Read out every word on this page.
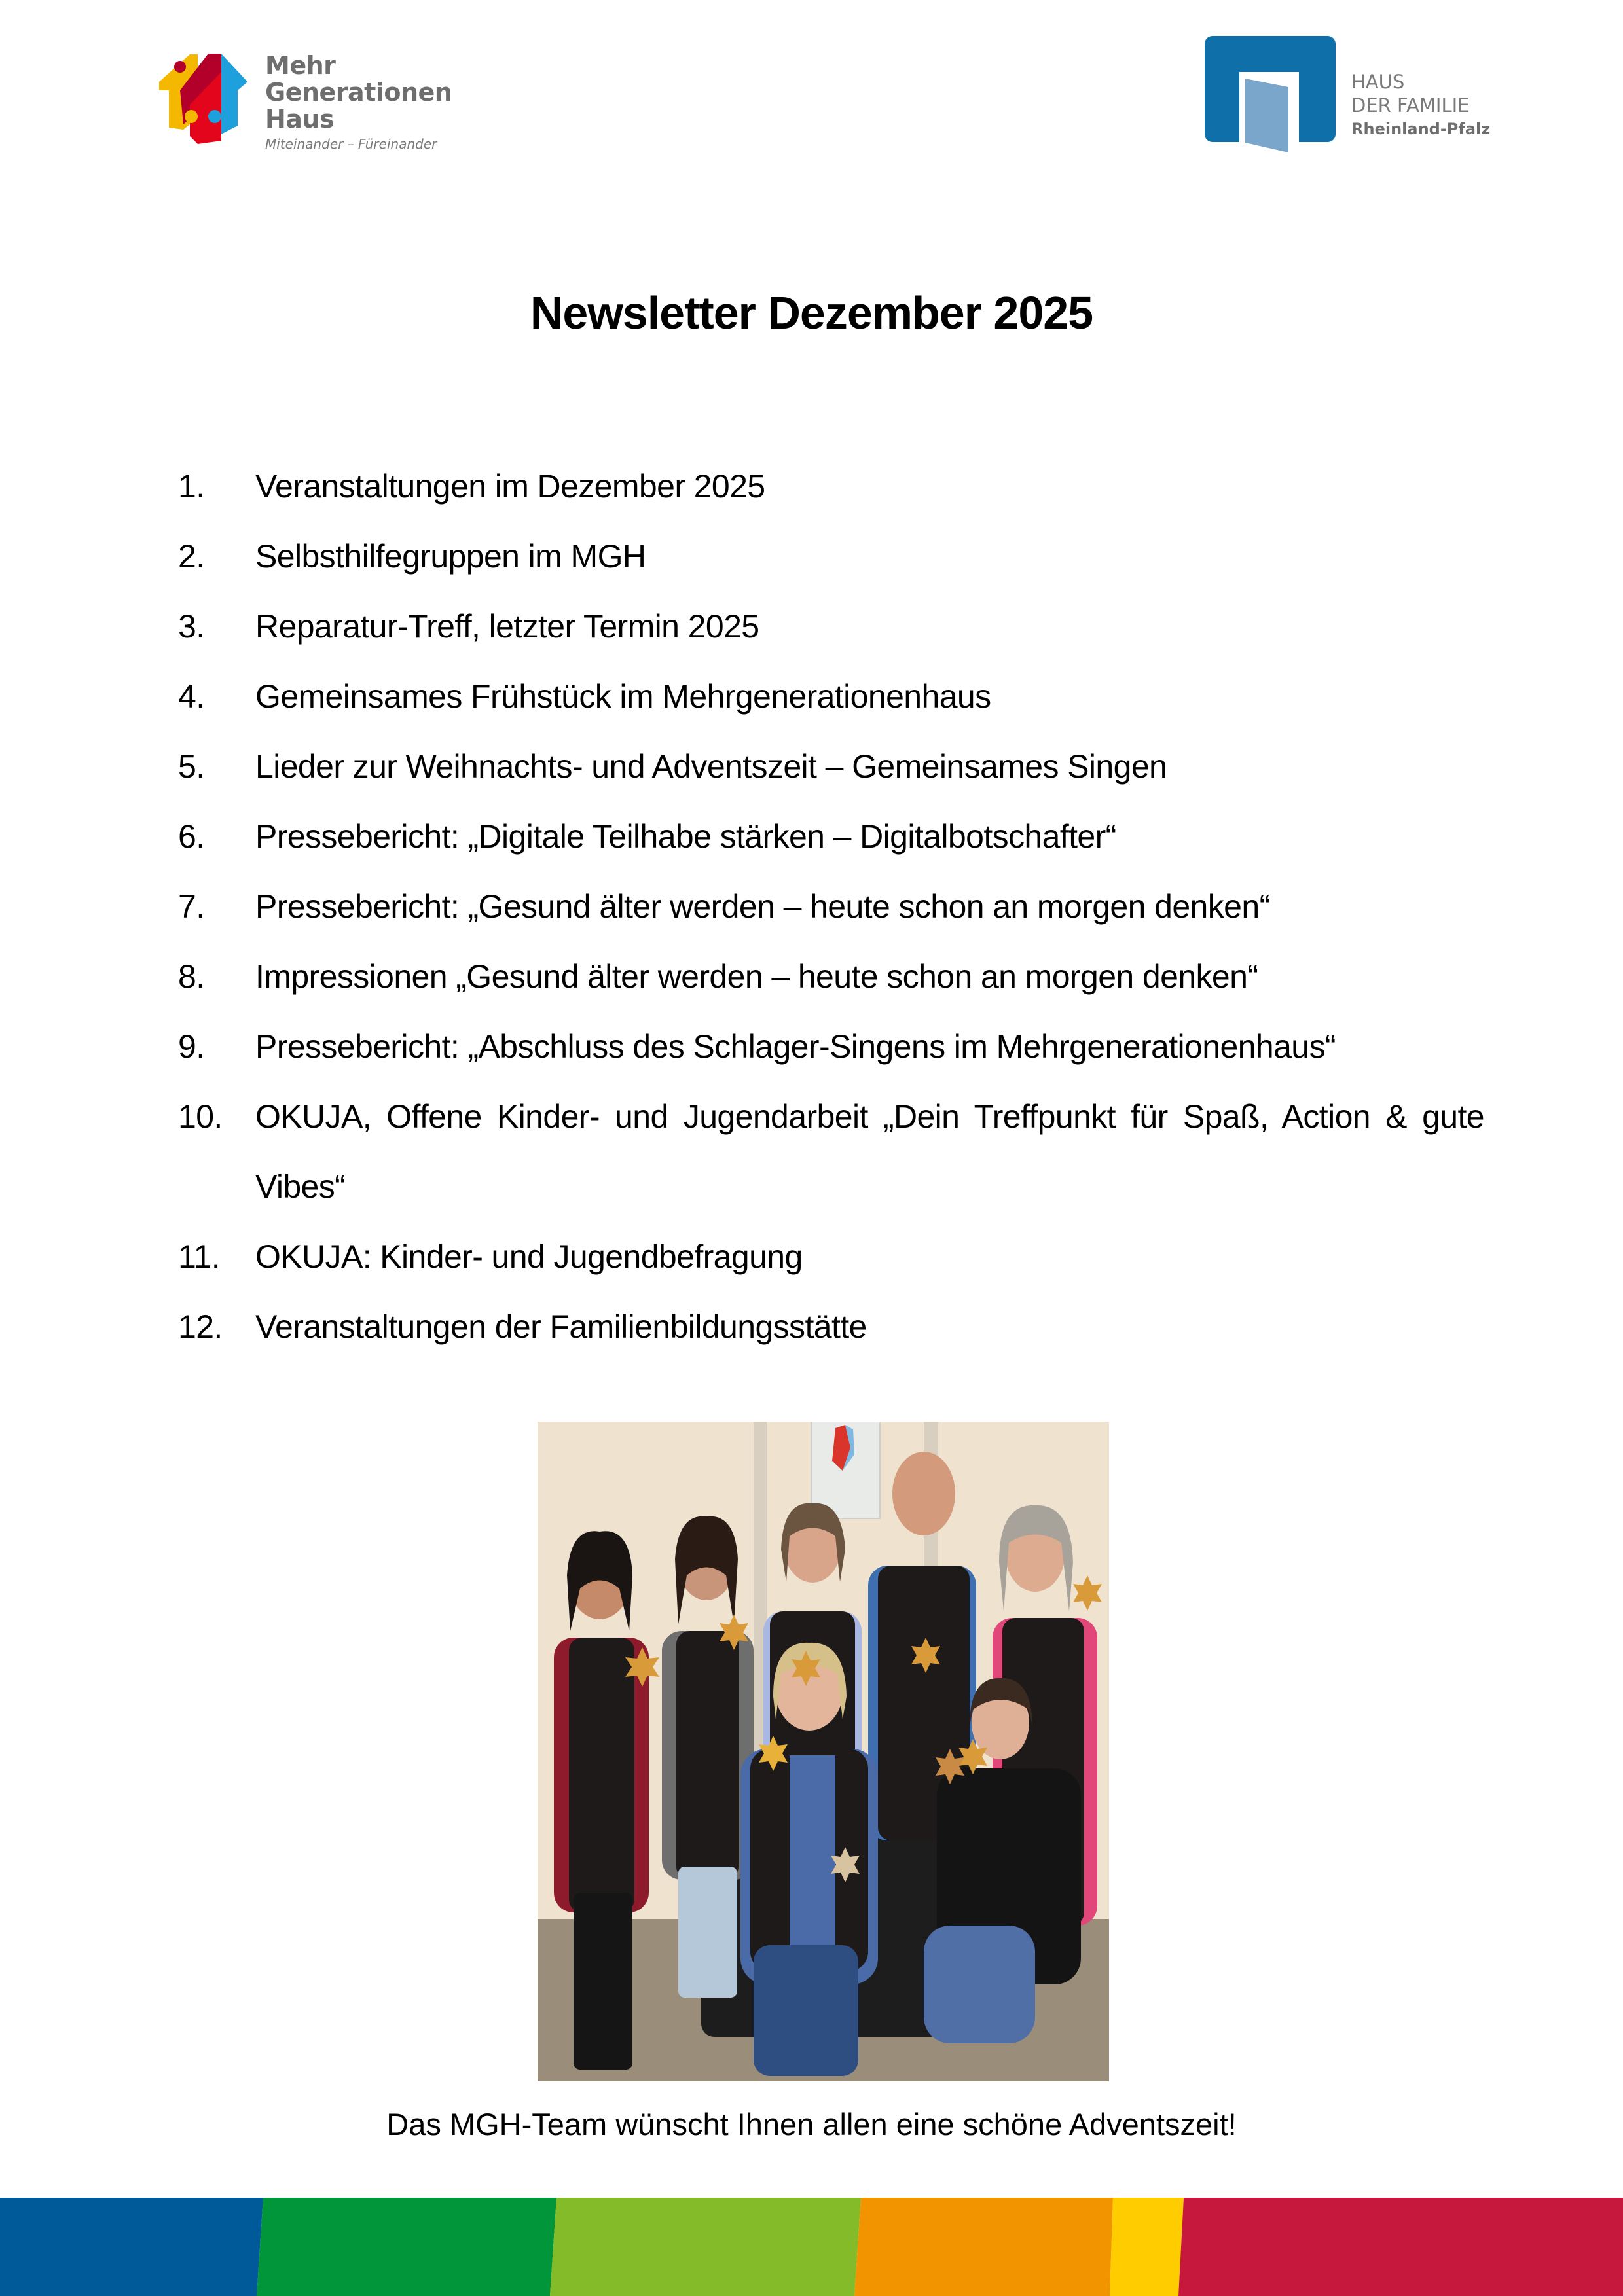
Mehr
Generationen
Haus
Miteinander – Füreinander
HAUS
DER FAMILIE
Rheinland-Pfalz
Newsletter Dezember 2025
1. Veranstaltungen im Dezember 2025
2. Selbsthilfegruppen im MGH
3. Reparatur-Treff, letzter Termin 2025
4. Gemeinsames Frühstück im Mehrgenerationenhaus
5. Lieder zur Weihnachts- und Adventszeit – Gemeinsames Singen
6. Pressebericht: „Digitale Teilhabe stärken – Digitalbotschafter“
7. Pressebericht: „Gesund älter werden – heute schon an morgen denken“
8. Impressionen „Gesund älter werden – heute schon an morgen denken“
9. Pressebericht: „Abschluss des Schlager-Singens im Mehrgenerationenhaus“
10. OKUJA, Offene Kinder- und Jugendarbeit „Dein Treffpunkt für Spaß, Action & gute Vibes“
11. OKUJA: Kinder- und Jugendbefragung
12. Veranstaltungen der Familienbildungsstätte
Das MGH-Team wünscht Ihnen allen eine schöne Adventszeit!
